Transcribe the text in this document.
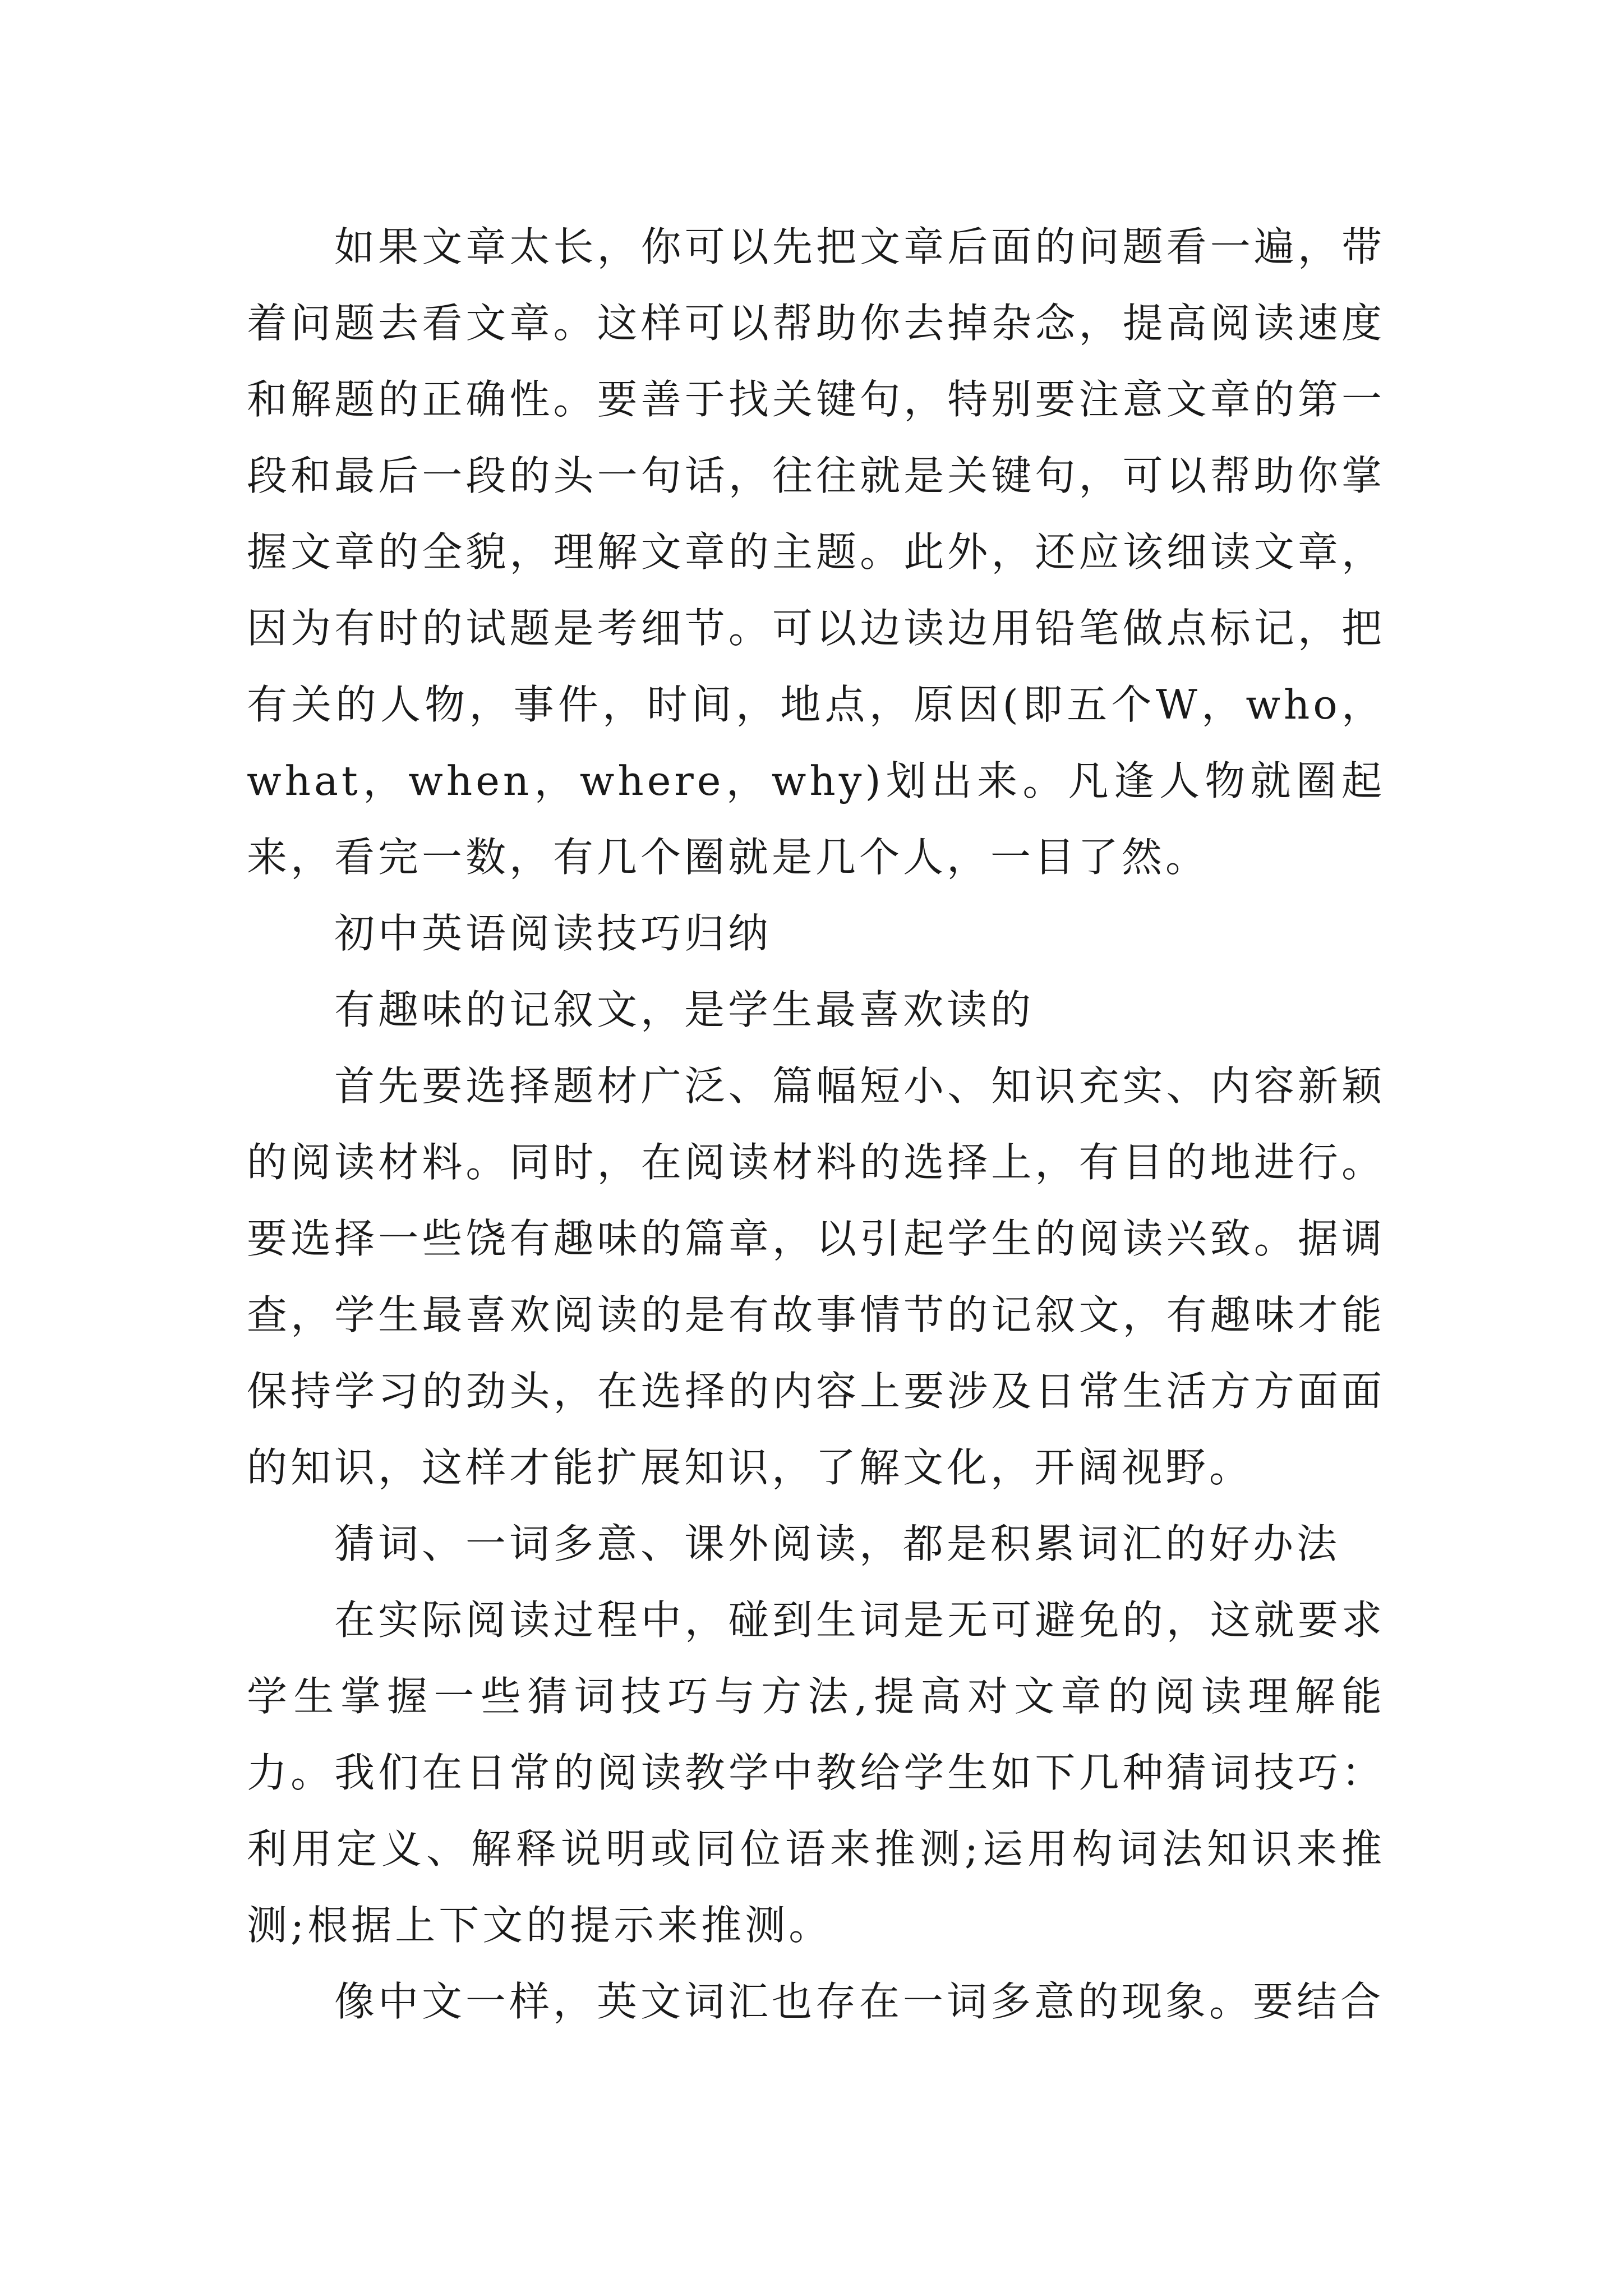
如果文章太长，你可以先把文章后面的问题看一遍，带着问题去看文章。这样可以帮助你去掉杂念，提高阅读速度和解题的正确性。要善于找关键句，特别要注意文章的第一段和最后一段的头一句话，往往就是关键句，可以帮助你掌握文章的全貌，理解文章的主题。此外，还应该细读文章，因为有时的试题是考细节。可以边读边用铅笔做点标记，把有关的人物，事件，时间，地点，原因(即五个W，who，what，when，where，why)划出来。凡逢人物就圈起来，看完一数，有几个圈就是几个人，一目了然。

初中英语阅读技巧归纳

有趣味的记叙文，是学生最喜欢读的

首先要选择题材广泛、篇幅短小、知识充实、内容新颖的阅读材料。同时，在阅读材料的选择上，有目的地进行。要选择一些饶有趣味的篇章，以引起学生的阅读兴致。据调查，学生最喜欢阅读的是有故事情节的记叙文，有趣味才能保持学习的劲头，在选择的内容上要涉及日常生活方方面面的知识，这样才能扩展知识，了解文化，开阔视野。

猜词、一词多意、课外阅读，都是积累词汇的好办法

在实际阅读过程中，碰到生词是无可避免的，这就要求学生掌握一些猜词技巧与方法,提高对文章的阅读理解能力。我们在日常的阅读教学中教给学生如下几种猜词技巧：利用定义、解释说明或同位语来推测;运用构词法知识来推测;根据上下文的提示来推测。

像中文一样，英文词汇也存在一词多意的现象。要结合
